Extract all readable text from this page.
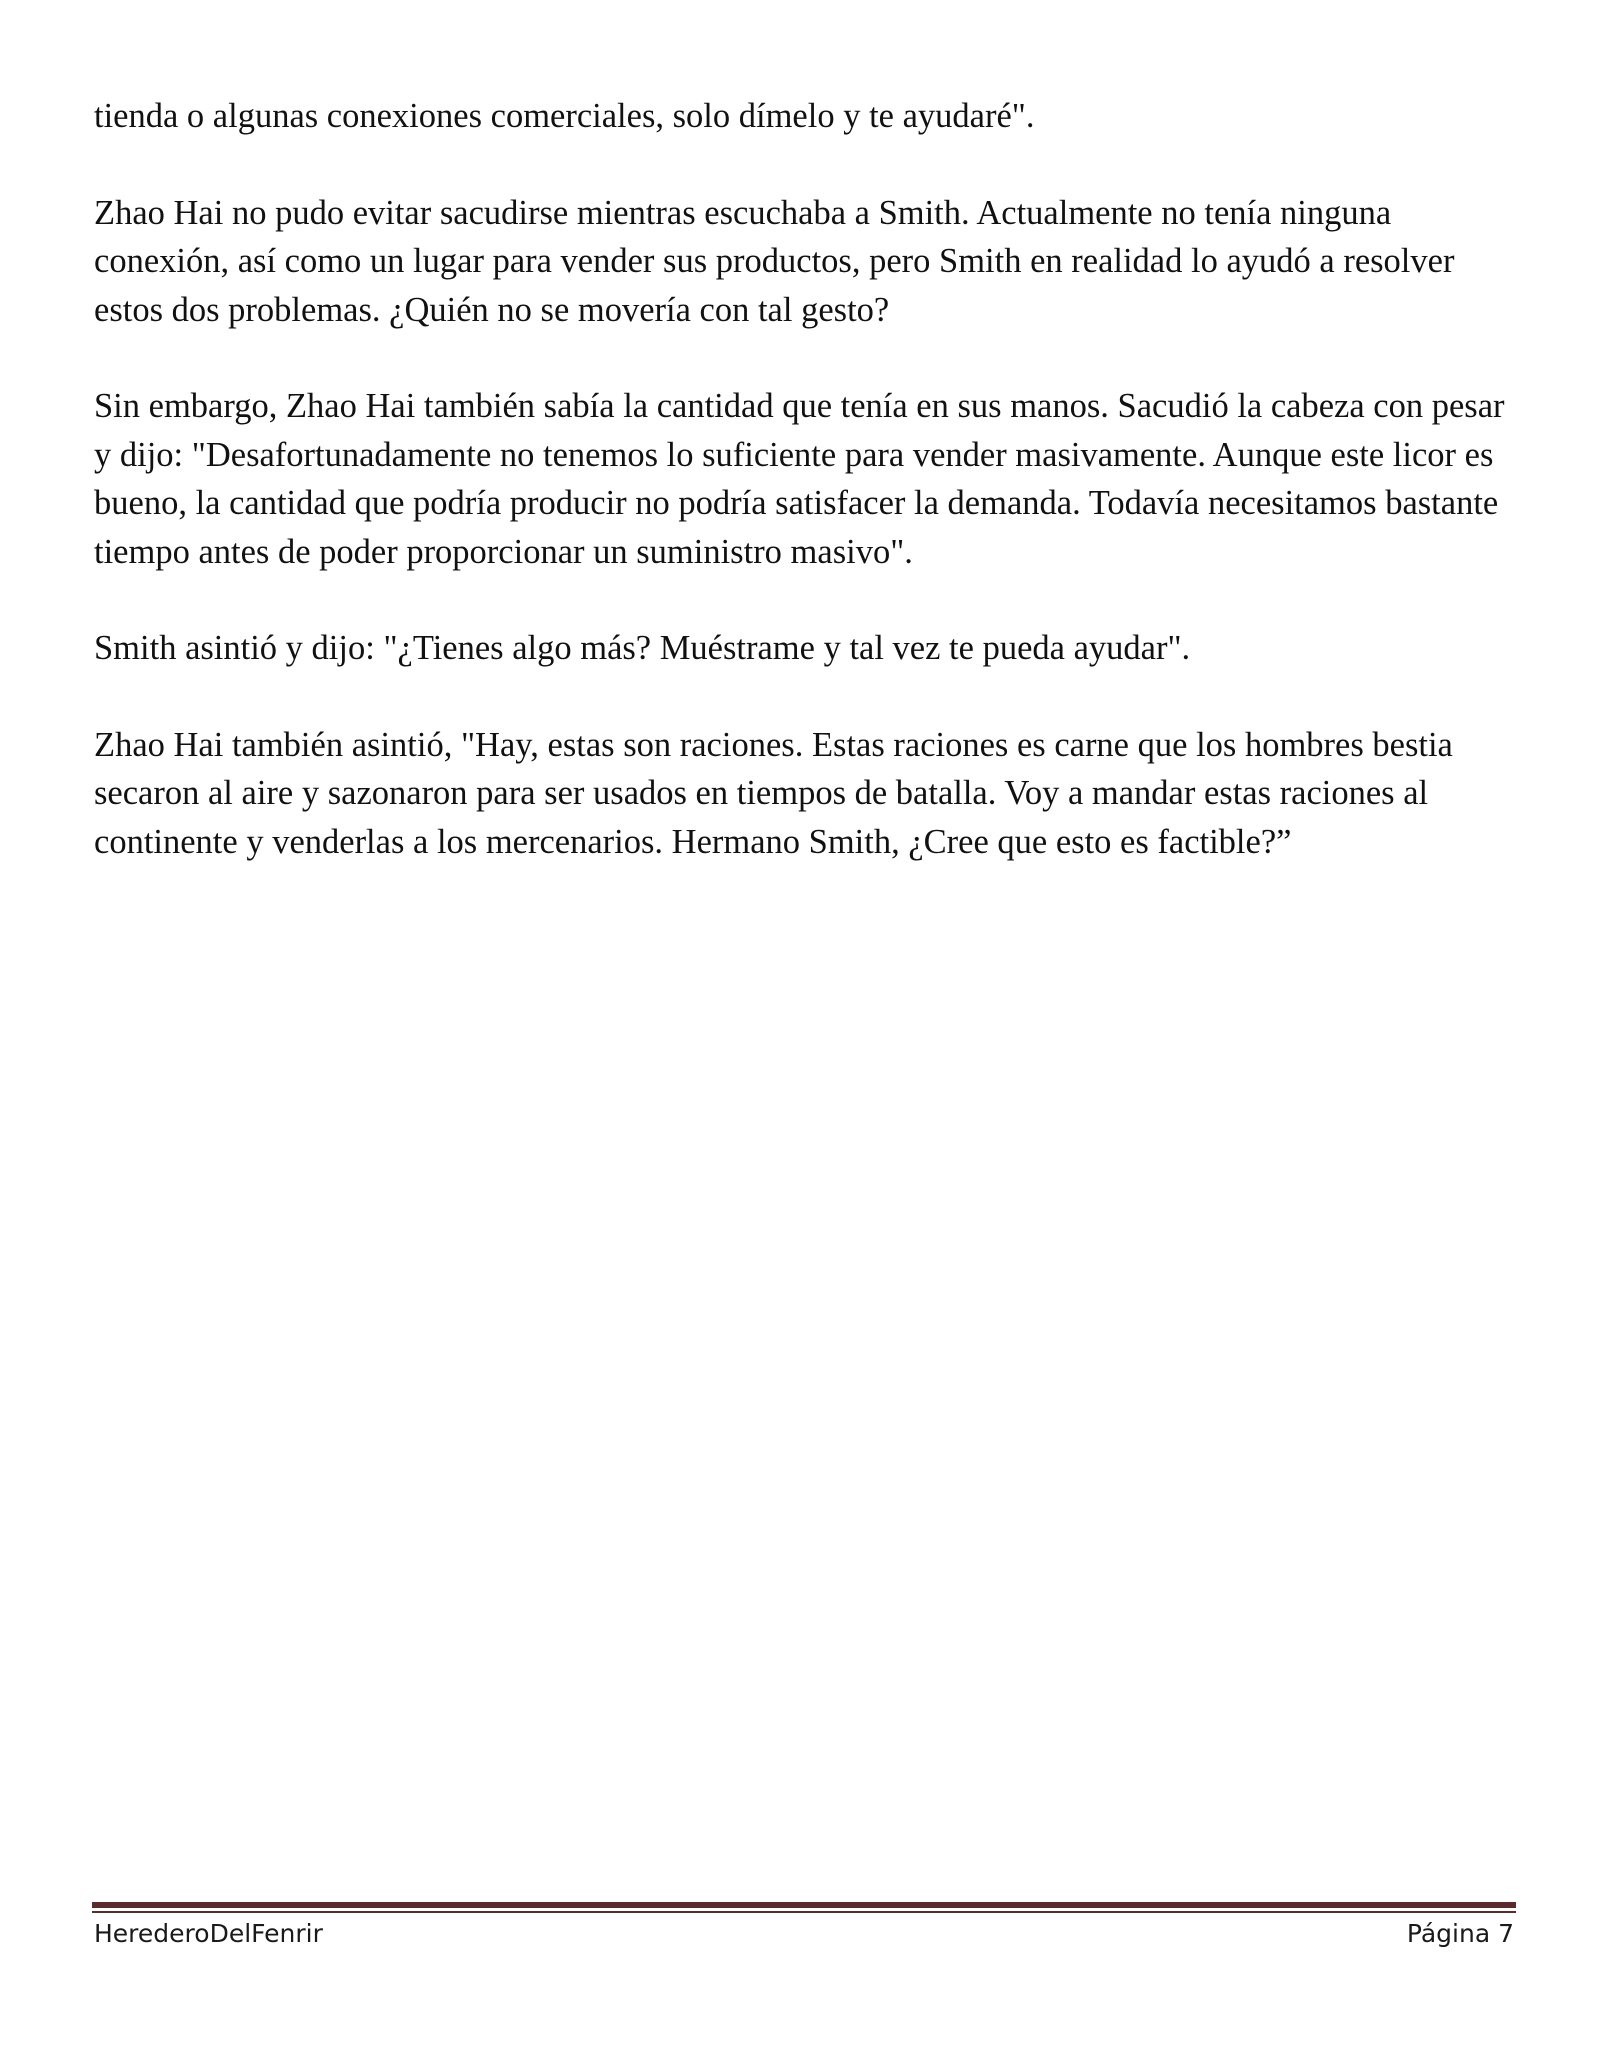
tienda o algunas conexiones comerciales, solo dímelo y te ayudaré".

Zhao Hai no pudo evitar sacudirse mientras escuchaba a Smith. Actualmente no tenía ninguna conexión, así como un lugar para vender sus productos, pero Smith en realidad lo ayudó a resolver estos dos problemas. ¿Quién no se movería con tal gesto?

Sin embargo, Zhao Hai también sabía la cantidad que tenía en sus manos. Sacudió la cabeza con pesar y dijo: "Desafortunadamente no tenemos lo suficiente para vender masivamente. Aunque este licor es bueno, la cantidad que podría producir no podría satisfacer la demanda. Todavía necesitamos bastante tiempo antes de poder proporcionar un suministro masivo".

Smith asintió y dijo: "¿Tienes algo más? Muéstrame y tal vez te pueda ayudar".

Zhao Hai también asintió, "Hay, estas son raciones. Estas raciones es carne que los hombres bestia secaron al aire y sazonaron para ser usados en tiempos de batalla. Voy a mandar estas raciones al continente y venderlas a los mercenarios. Hermano Smith, ¿Cree que esto es factible?”

HerederoDelFenrir	Página 7
